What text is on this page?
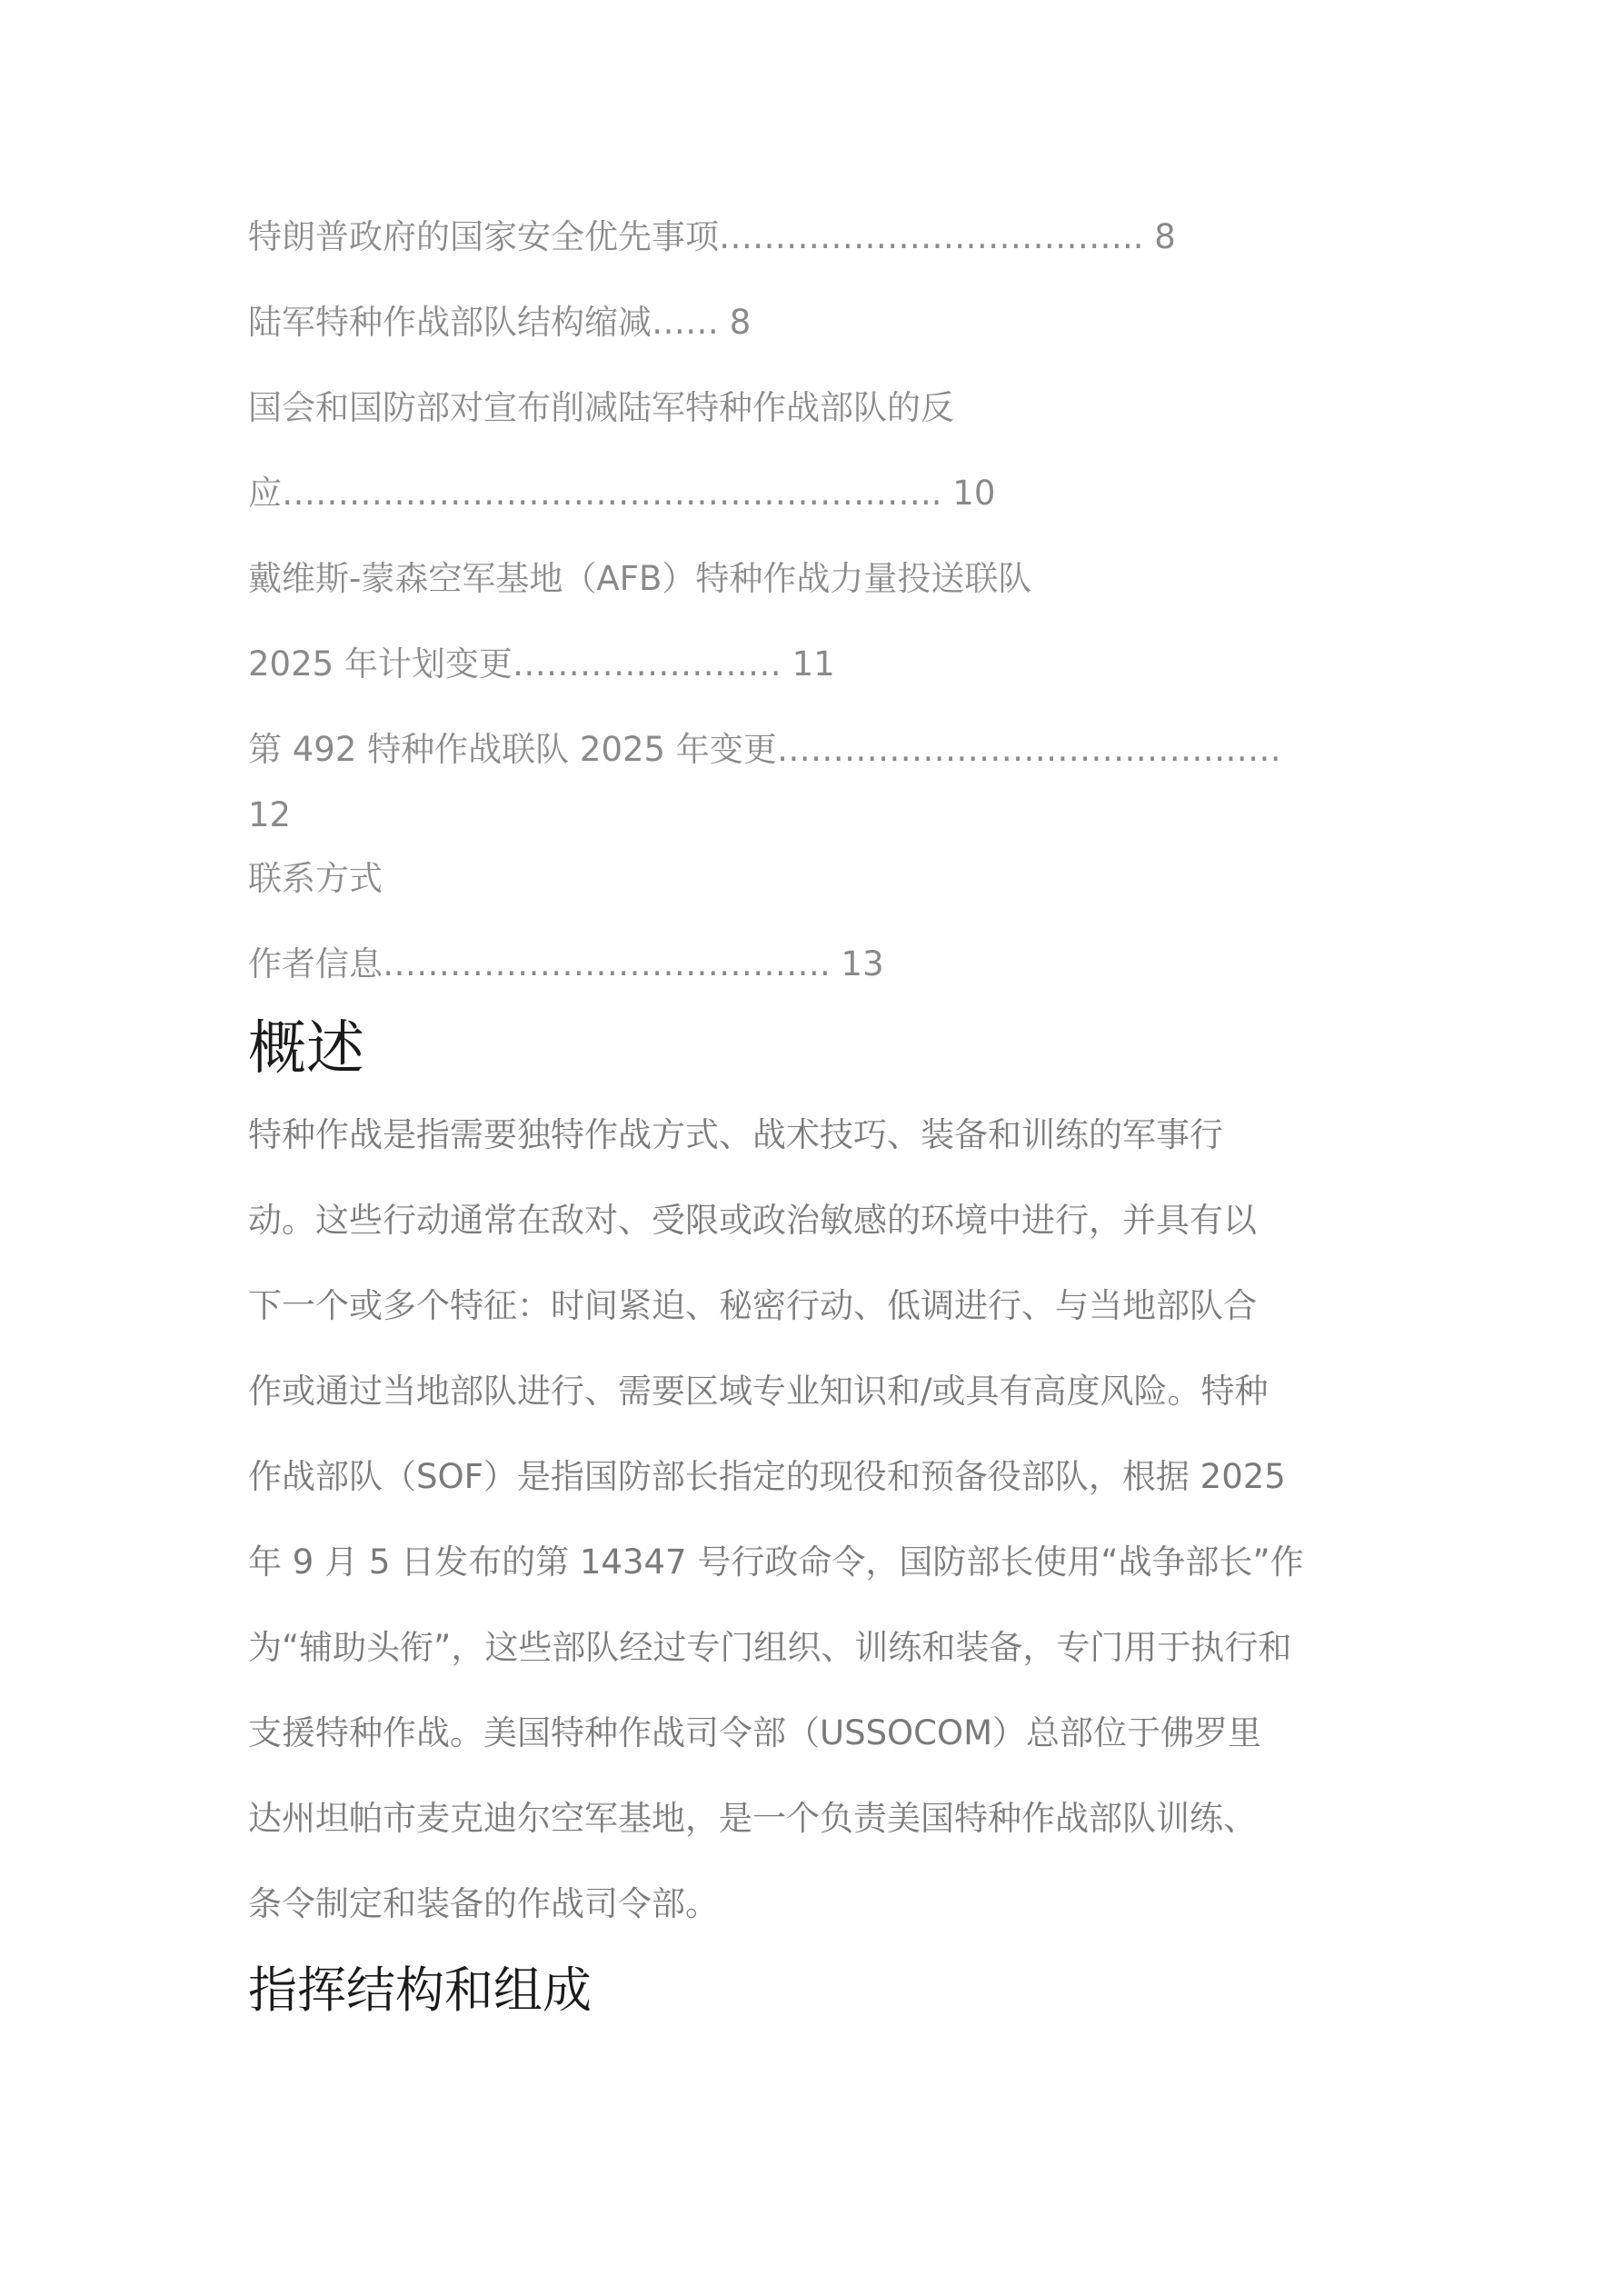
特朗普政府的国家安全优先事项……………………………….. 8

陆军特种作战部队结构缩减…… 8

国会和国防部对宣布削减陆军特种作战部队的反

应………………………………………………….. 10

戴维斯-蒙森空军基地（AFB）特种作战力量投送联队

2025 年计划变更…………………… 11

第 492 特种作战联队 2025 年变更………………………………………

12

联系方式

作者信息…………………………………. 13

概述

特种作战是指需要独特作战方式、战术技巧、装备和训练的军事行

动。这些行动通常在敌对、受限或政治敏感的环境中进行，并具有以

下一个或多个特征：时间紧迫、秘密行动、低调进行、与当地部队合

作或通过当地部队进行、需要区域专业知识和/或具有高度风险。特种

作战部队（SOF）是指国防部长指定的现役和预备役部队，根据 2025

年 9 月 5 日发布的第 14347 号行政命令，国防部长使用“战争部长”作

为“辅助头衔”，这些部队经过专门组织、训练和装备，专门用于执行和

支援特种作战。美国特种作战司令部（USSOCOM）总部位于佛罗里

达州坦帕市麦克迪尔空军基地，是一个负责美国特种作战部队训练、

条令制定和装备的作战司令部。

指挥结构和组成
